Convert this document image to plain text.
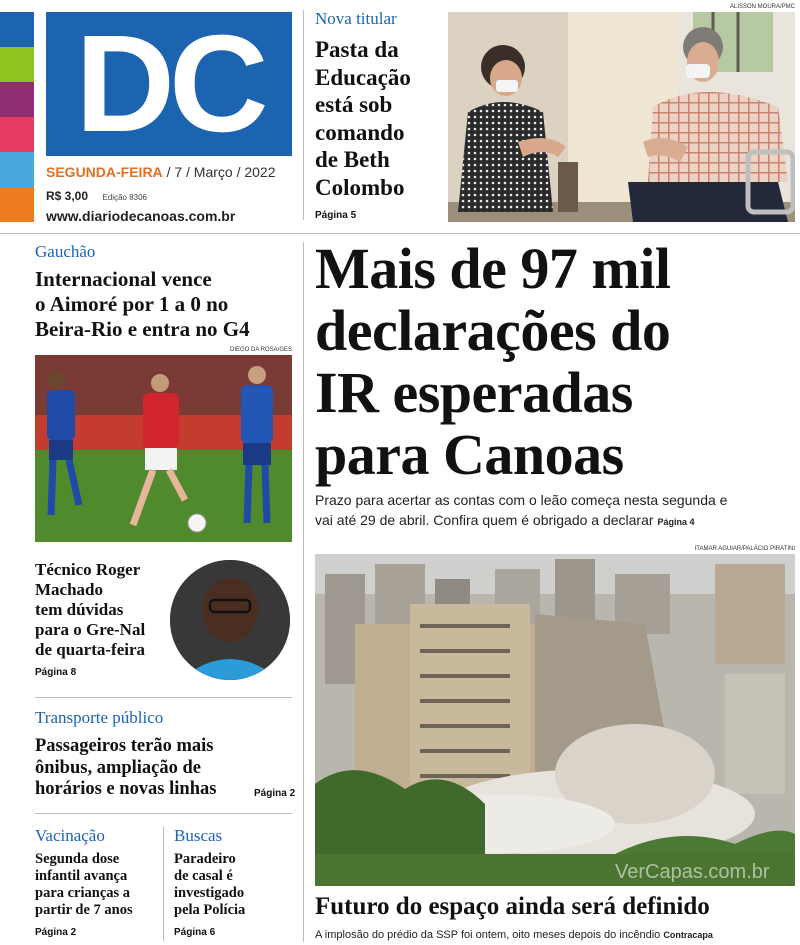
DC
SEGUNDA-FEIRA / 7 / Março / 2022
R$ 3,00 Edição 8306
www.diariodecanoas.com.br
Nova titular
Pasta da
Educação
está sob
comando
de Beth
Colombo
Página 5
ALISSON MOURA/PMC
Gauchão
Internacional vence
o Aimoré por 1 a 0 no
Beira-Rio e entra no G4
DIEGO DA ROSA/GES
Técnico Roger
Machado
tem dúvidas
para o Gre-Nal
de quarta-feira
Página 8
Transporte público
Passageiros terão mais
ônibus, ampliação de
horários e novas linhas	Página 2
Vacinação
Segunda dose
infantil avança
para crianças a
partir de 7 anos
Página 2
Buscas
Paradeiro
de casal é
investigado
pela Polícia
Página 6
Mais de 97 mil
declarações do
IR esperadas
para Canoas
Prazo para acertar as contas com o leão começa nesta segunda e
vai até 29 de abril. Confira quem é obrigado a declarar Página 4
ITAMAR AGUIAR/PALÁCIO PIRATINI
VerCapas.com.br
Futuro do espaço ainda será definido
A implosão do prédio da SSP foi ontem, oito meses depois do incêndio Contracapa
